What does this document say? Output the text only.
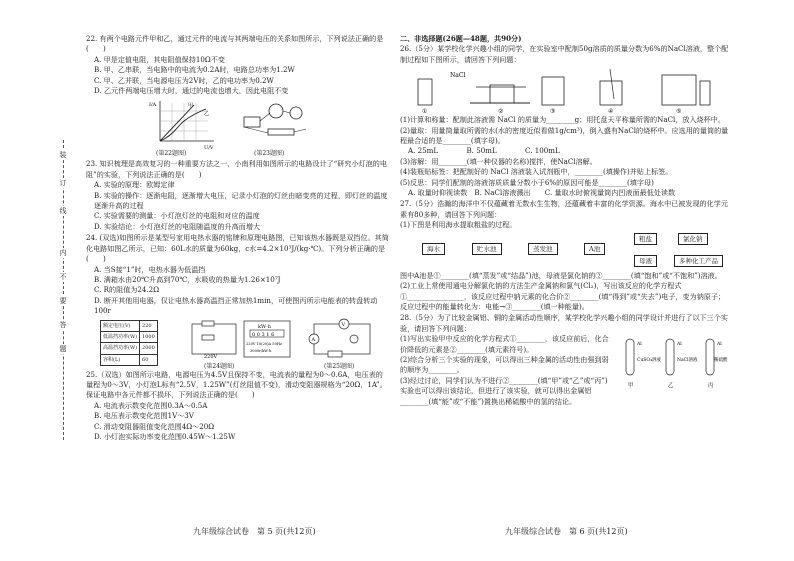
装
订
线
内
不
要
答
题
22. 有两个电路元件甲和乙，通过元件的电流与其两端电压的关系如图所示，下列说法正确的是(　　)
A. 甲是定值电阻，其电阻值保持10Ω不变
B. 甲、乙串联，当电路中的电流为0.2A时，电路总功率为1.2W
C. 甲、乙并联，当电源电压为2V时，乙的电功率为0.2W
D. 乙元件两端电压增大时，通过的电流也增大，因此电阻不变
I/A
U/V
甲
乙
(第22题图)	(第23题图)
23. 知识梳理是高效复习的一种重要方法之一，小南利用如图所示的电路设计了“研究小灯泡的电阻”的实验，下列说法正确的是(　　)
A. 实验的原理：欧姆定律
B. 实验的操作：逐渐电阻，逐渐增大电压，记录小灯泡的灯丝由暗变亮的过程，即灯丝的温度逐渐升高的过程
C. 实验需要的测量：小灯泡灯丝的电阻和对应的温度
D. 实验结论：小灯泡灯丝的电阻随温度的升高而增大
24. (双选)如图所示是某型号家用电热水器的铭牌和原理电路图，已知该热水器既是双挡位。其简化电路如图乙所示，已知：60L水的质量为60kg，c水=4.2×10³J/(kg·℃)。下列分析正确的是(　　)
A. 当S接“1”时，电热水器为低温挡
B. 满箱水由20℃升高到70℃，水吸收的热量为1.26×10⁷J
C. R的阻值为24.2Ω
D. 断开其他用电器，仅让电热水器高温挡正常加热1min，可使图丙所示电能表的转盘转动100r
额定电压(V)	220
低温挡功率(W)	1000
高温挡功率(W)	2000
容积(L)	60
220V
kW·h
0 0 3 1 6
220V 10(20)A 50Hz
3000r/kW·h
A
V
(第24题图)	(第25题图)
25.（双选）如图所示电路，电源电压为4.5V且保持不变，电流表的量程为0～0.6A，电压表的量程为0～3V，小灯泡L标有“2.5V，1.25W”(灯丝阻值不变)，滑动变阻器规格为“20Ω，1A”。保证电路中各元件都不损坏，下列说法正确的是(　　)
A. 电流表示数变化范围0.3A～0.5A
B. 电压表示数变化范围1V～3V
C. 滑动变阻器阻值变化范围4Ω～20Ω
D. 小灯泡实际功率变化范围0.45W～1.25W
九年级综合试卷　第 5 页(共12页)
二、非选择题(26题—48题，共90分)
26.（5分）某学校化学兴趣小组的同学，在实验室中配制50g溶质的质量分数为6%的NaCl溶液，整个配制过程如下图所示，请回答下列问题：
NaCl
①	②	③	④	⑤
(1)计算和称量：配制此溶液需 NaCl 的质量为________g；用托盘天平称量所需的NaCl，放入烧杯中。
(2)量取：用量筒量取所需的水(水的密度近似看做1g/cm³)，倒入盛有NaCl的烧杯中。应选用的量筒的量程最合适的是________(填字母)。
A. 25mL　　　　B. 50mL　　　　C. 100mL
(3)溶解：用________(填一种仪器的名称)搅拌，使NaCl溶解。
(4)装瓶贴标签：把配制好的 NaCl 溶液装入试剂瓶中，________(填操作)并贴上标签。
(5)反思：同学们配制的溶液溶质质量分数小于6%的原因可能是________(填字母)
A. 取量时仰视读数　B. NaCl溶液溅出　　C. 量取水时俯视量筒内凹液面最低处读数
27.（5分）浩瀚的海洋中不仅蕴藏着无数水生生物，还蕴藏着丰富的化学资源。海水中已被发现的化学元素有80多种，请回答下列问题：
(1)下图是利用海水提取粗盐的过程。
海水	贮水池	蒸发池	A池
粗盐
母液
氯化钠
多种化工产品
图中A池是①________(填“蒸发”或“结晶”)池，母液是氯化钠的②________(填“饱和”或“不饱和”)溶液。
(2)工业上常使用通电分解氯化钠的方法生产金属钠和氯气(Cl₂)，写出该反应的化学方程式①________________，该反应过程中钠元素的化合价②________(填“得到”或“失去”)电子，变为钠原子；反应过程中的能量转化为：电能→③________(填一种能量)。
28.（5分）为了比较金属铝、铜的金属活动性顺序，某学校化学兴趣小组的同学设计并进行了以下三个实验，请回答下列问题：
(1)写出实验甲中反应的化学方程式①________，该反应前后，化合价降低的元素是②________(填元素符号)。
(2)综合分析三个实验的现象，可以得出三种金属的活动性由强到弱的顺序为________。
(3)经过讨论，同学们认为不进行②________(填“甲”或“乙”或“丙”)实验也可以得出该结论，但进行了该实验，就可以得出金属铝________(填“能”或“不能”)置换出稀硫酸中的氢的结论。
Al
CuSO₄溶液
Al
NaCl溶液
Al
稀硫酸
甲	乙	丙
九年级综合试卷　第 6 页(共12页)
